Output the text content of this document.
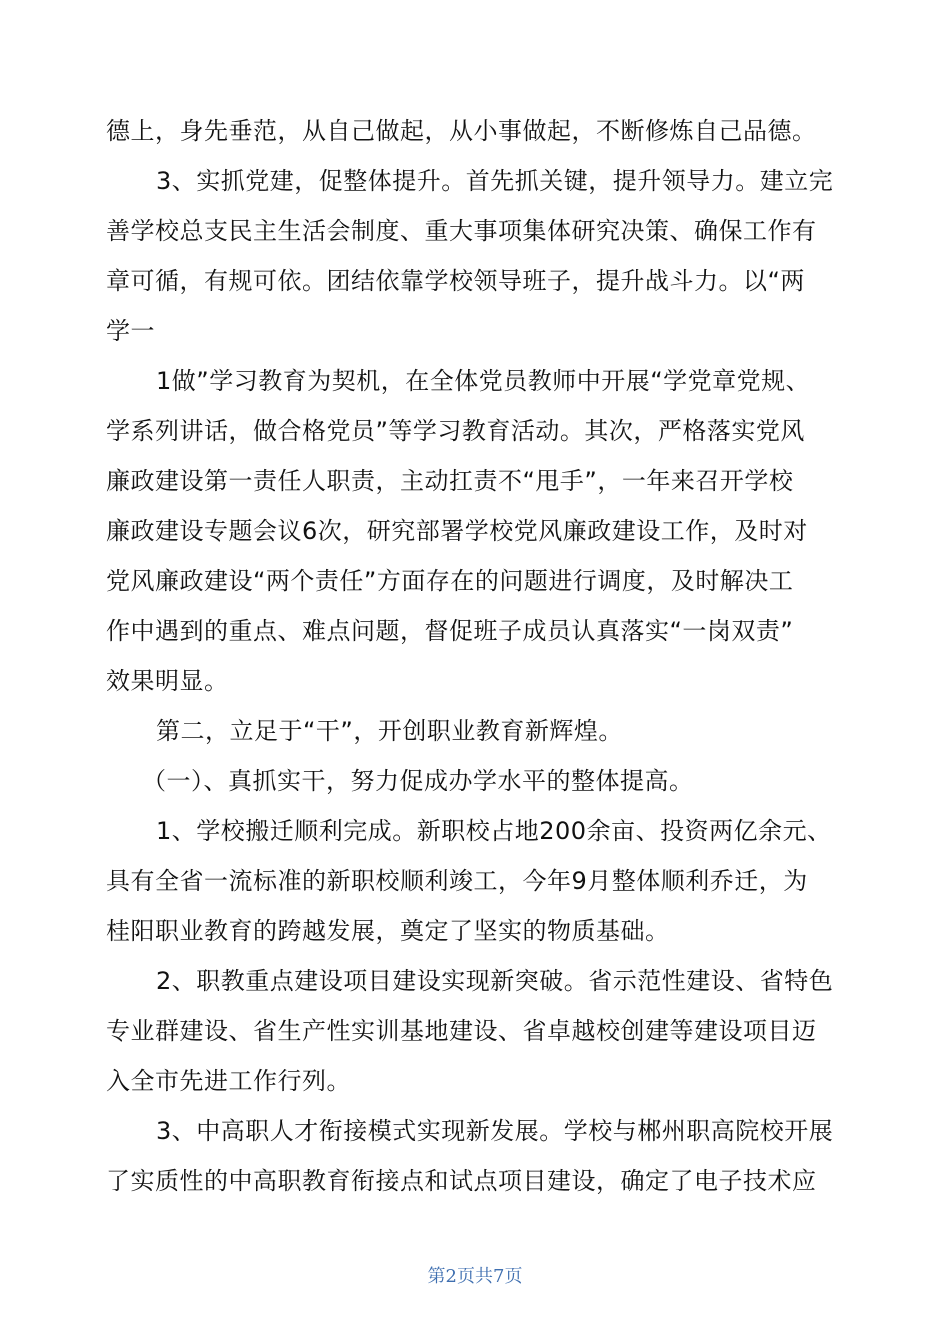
德上，身先垂范，从自己做起，从小事做起，不断修炼自己品德。
3、实抓党建，促整体提升。首先抓关键，提升领导力。建立完
善学校总支民主生活会制度、重大事项集体研究决策、确保工作有
章可循，有规可依。团结依靠学校领导班子，提升战斗力。以“两
学一
1做”学习教育为契机，在全体党员教师中开展“学党章党规、
学系列讲话，做合格党员”等学习教育活动。其次，严格落实党风
廉政建设第一责任人职责，主动扛责不“甩手”，一年来召开学校
廉政建设专题会议6次，研究部署学校党风廉政建设工作，及时对
党风廉政建设“两个责任”方面存在的问题进行调度，及时解决工
作中遇到的重点、难点问题，督促班子成员认真落实“一岗双责”
效果明显。
第二，立足于“干”，开创职业教育新辉煌。
（一）、真抓实干，努力促成办学水平的整体提高。
1、学校搬迁顺利完成。新职校占地200余亩、投资两亿余元、
具有全省一流标准的新职校顺利竣工，今年9月整体顺利乔迁，为
桂阳职业教育的跨越发展，奠定了坚实的物质基础。
2、职教重点建设项目建设实现新突破。省示范性建设、省特色
专业群建设、省生产性实训基地建设、省卓越校创建等建设项目迈
入全市先进工作行列。
3、中高职人才衔接模式实现新发展。学校与郴州职高院校开展
了实质性的中高职教育衔接点和试点项目建设，确定了电子技术应
第2页共7页
